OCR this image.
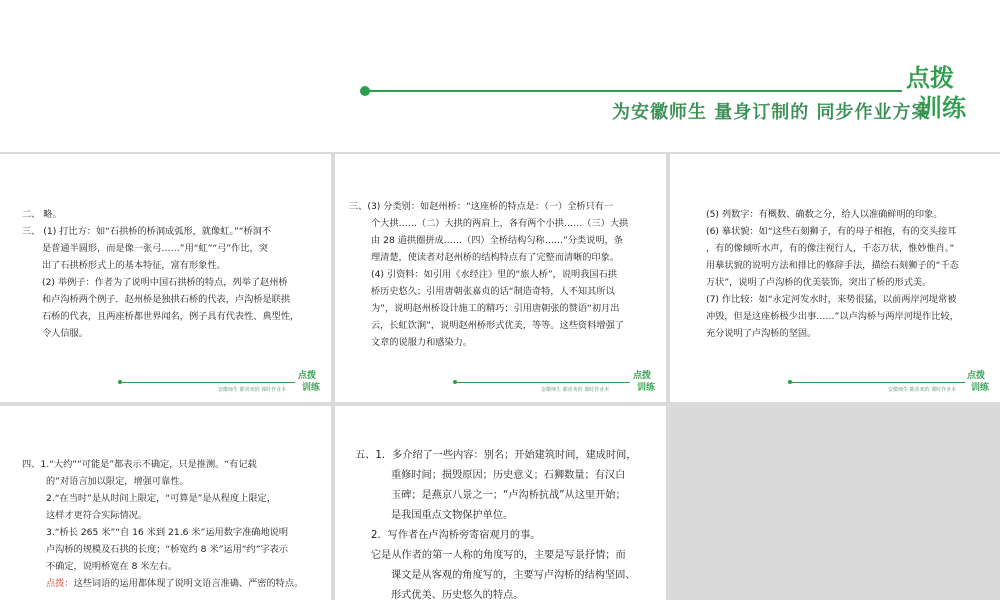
点拨
训练
为安徽师生 量身订制的 同步作业方案

二、 略。

三、 (1) 打比方：如“石拱桥的桥洞成弧形，就像虹。”“桥洞不

是普通半圆形，而是像一张弓……”用“虹”“弓”作比，突

出了石拱桥形式上的基本特征，富有形象性。

(2) 举例子：作者为了说明中国石拱桥的特点，列举了赵州桥

和卢沟桥两个例子．赵州桥是独拱石桥的代表，卢沟桥是联拱

石桥的代表，且两座桥都世界闻名，例子具有代表性、典型性，

令人信服。

安徽师生 都喜欢的 课时作业本
点拨
训练

三、(3) 分类别：如赵州桥：“这座桥的特点是：（一）全桥只有一

个大拱……（二）大拱的两肩上，各有两个小拱……（三）大拱

由 28 道拱圈拼成……（四）全桥结构匀称……”分类说明，条

理清楚，使读者对赵州桥的结构特点有了完整而清晰的印象。

(4) 引资料：如引用《水经注》里的“旅人桥”，说明我国石拱

桥历史悠久；引用唐朝张嘉贞的话“制造奇特，人不知其所以

为”，说明赵州桥设计施工的精巧；引用唐朝张的赞语“初月出

云，长虹饮涧”，说明赵州桥形式优美，等等。这些资料增强了

文章的说服力和感染力。

安徽师生 都喜欢的 课时作业本
点拨
训练

(5) 列数字：有概数、确数之分，给人以准确鲜明的印象。

(6) 摹状貌：如“这些石刻狮子，有的母子相抱，有的交头接耳

，有的像倾听水声，有的像注视行人，千态万状，惟妙惟肖。”

用摹状貌的说明方法和排比的修辞手法，描绘石刻狮子的“千态

万状”，说明了卢沟桥的优美装饰，突出了桥的形式美。

(7) 作比较：如“永定河发水时，来势很猛，以前两岸河堤常被

冲毁，但是这座桥极少出事……”以卢沟桥与两岸河堤作比较，

充分说明了卢沟桥的坚固。

安徽师生 都喜欢的 课时作业本
点拨
训练

四、1.“大约”“可能是”都表示不确定，只是推测。“有记载

的”对语言加以限定，增强可靠性。

2.“在当时”是从时间上限定，“可算是”是从程度上限定，

这样才更符合实际情况。

3.“桥长 265 米”“自 16 米到 21.6 米”运用数字准确地说明

卢沟桥的规模及石拱的长度；“桥宽约 8 米”运用“约”字表示

不确定，说明桥宽在 8 米左右。

点拨：这些词语的运用都体现了说明文语言准确、严密的特点。

五、1．多介绍了一些内容：别名；开始建筑时间，建成时间，

重修时间；损毁原因；历史意义；石狮数量；有汉白

玉碑；是燕京八景之一；“卢沟桥抗战”从这里开始；

是我国重点文物保护单位。

2．写作者在卢沟桥旁寄宿观月的事。

它是从作者的第一人称的角度写的，主要是写景抒情；而

课文是从客观的角度写的，主要写卢沟桥的结构坚固、

形式优美、历史悠久的特点。
